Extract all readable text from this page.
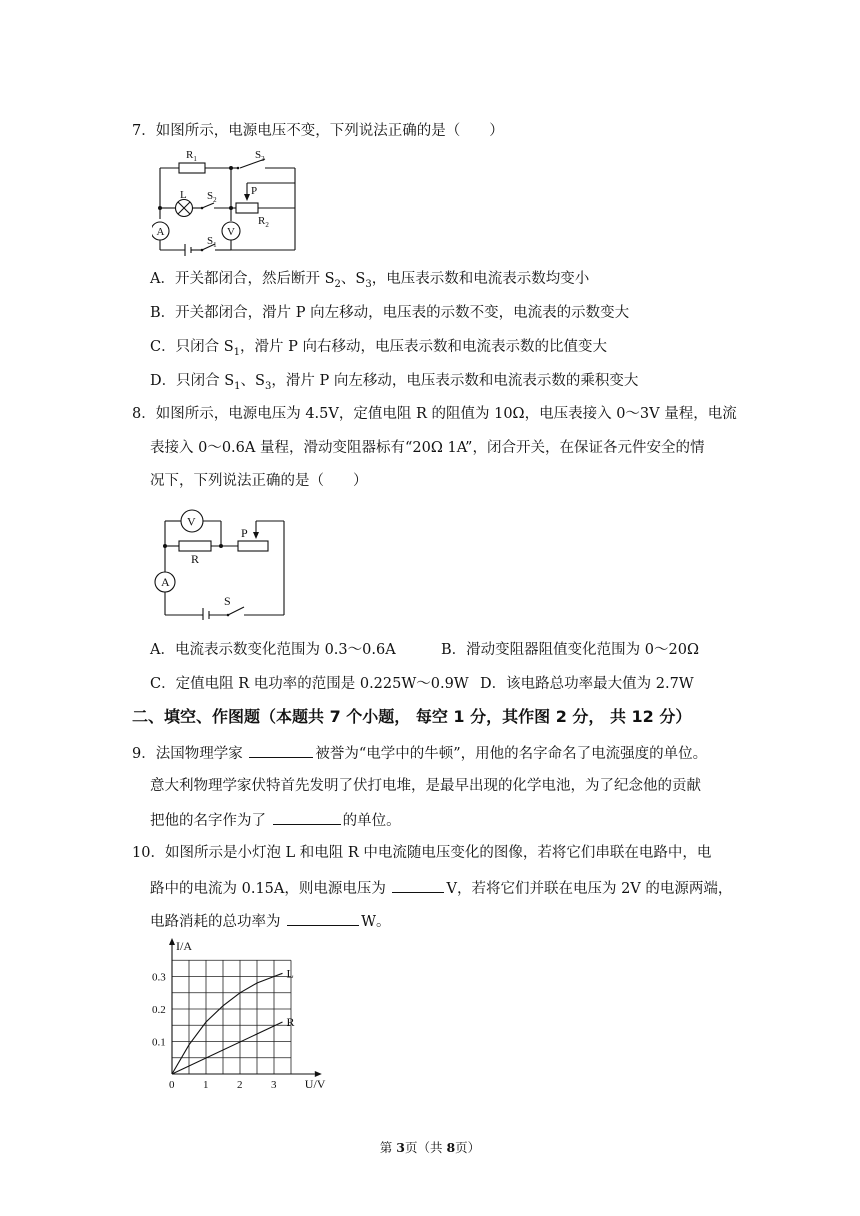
7．如图所示，电源电压不变，下列说法正确的是（　　）
$R_1$	$S_3$
L $S_2$
P
$R_2$
A	V
$S_1$
A．开关都闭合，然后断开 $S_2$、$S_3$，电压表示数和电流表示数均变小
B．开关都闭合，滑片 P 向左移动，电压表的示数不变，电流表的示数变大
C．只闭合 $S_1$，滑片 P 向右移动，电压表示数和电流表示数的比值变大
D．只闭合 $S_1$、$S_3$，滑片 P 向左移动，电压表示数和电流表示数的乘积变大
8．如图所示，电源电压为 4.5V，定值电阻 R 的阻值为 10Ω，电压表接入 0～3V 量程，电流
表接入 0～0.6A 量程，滑动变阻器标有“20Ω 1A”，闭合开关，在保证各元件安全的情
况下，下列说法正确的是（　　）
V
R
P
A
S
A．电流表示数变化范围为 0.3～0.6A	B．滑动变阻器阻值变化范围为 0～20Ω
C．定值电阻 R 电功率的范围是 0.225W～0.9W D．该电路总功率最大值为 2.7W
二、填空、作图题（本题共 7 个小题， 每空 1 分，其作图 2 分， 共 12 分）
9．法国物理学家	被誉为“电学中的牛顿”，用他的名字命名了电流强度的单位。
意大利物理学家伏特首先发明了伏打电堆，是最早出现的化学电池，为了纪念他的贡献
把他的名字作为了	的单位。
10．如图所示是小灯泡 L 和电阻 R 中电流随电压变化的图像，若将它们串联在电路中，电
路中的电流为 0.15A，则电源电压为	V，若将它们并联在电压为 2V 的电源两端，
电路消耗的总功率为	W。
0	1	2	3
0.1
0.2
0.3
U/V
I/A
L
R
第 3页（共 8页）
